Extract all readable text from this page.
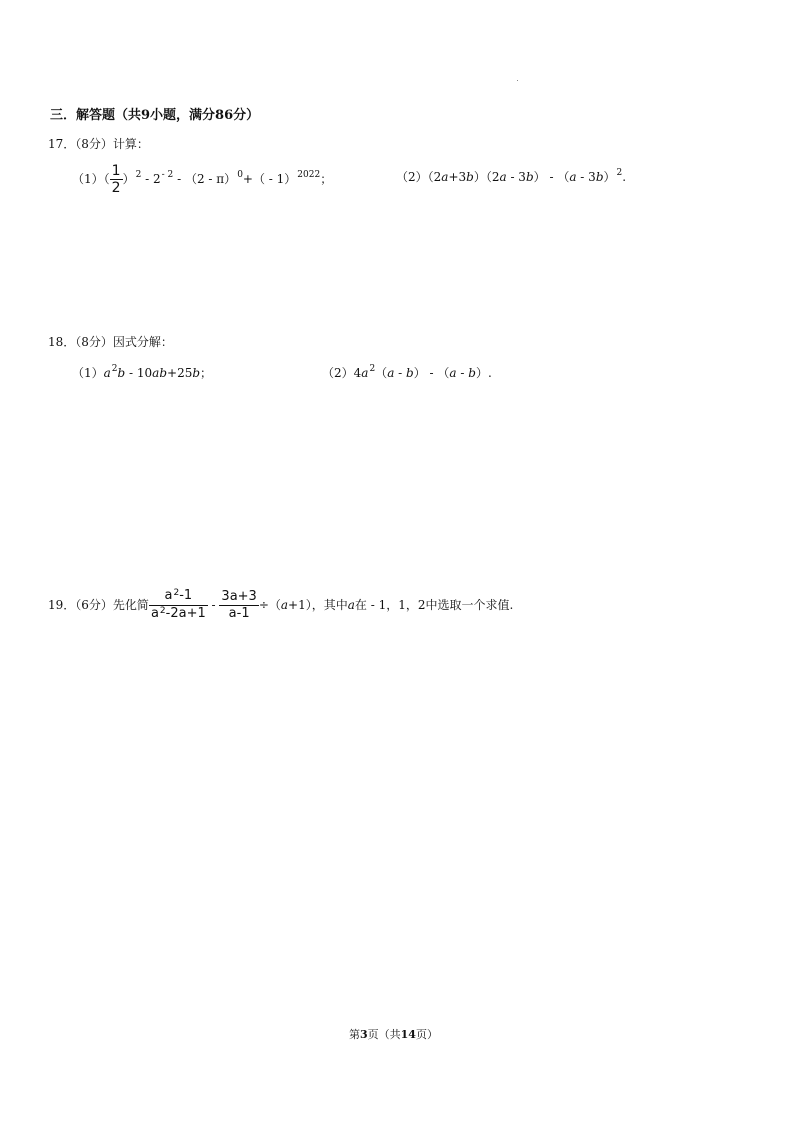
三．解答题（共9小题，满分86分）
17．（8分）计算：
$(1)( \frac{1}{2} )^2 - 2^{- 2} - (2 - \pi)^0+( - 1)^{2022}$；	（2）（2a+3b）（2a - 3b） - （a - 3b）$^2$.
18．（8分）因式分解：
$(1)a^2b - 10ab+25b$；	$(2)4a^2(a - b) - (a - b)$.
19．（6分）先化简 $\frac{a^2-1}{a^2-2a+1} - \frac{3a+3}{a-1} \div(a+1)$，其中a在 - 1，1，2中选取一个求值.
第3页（共14页）
